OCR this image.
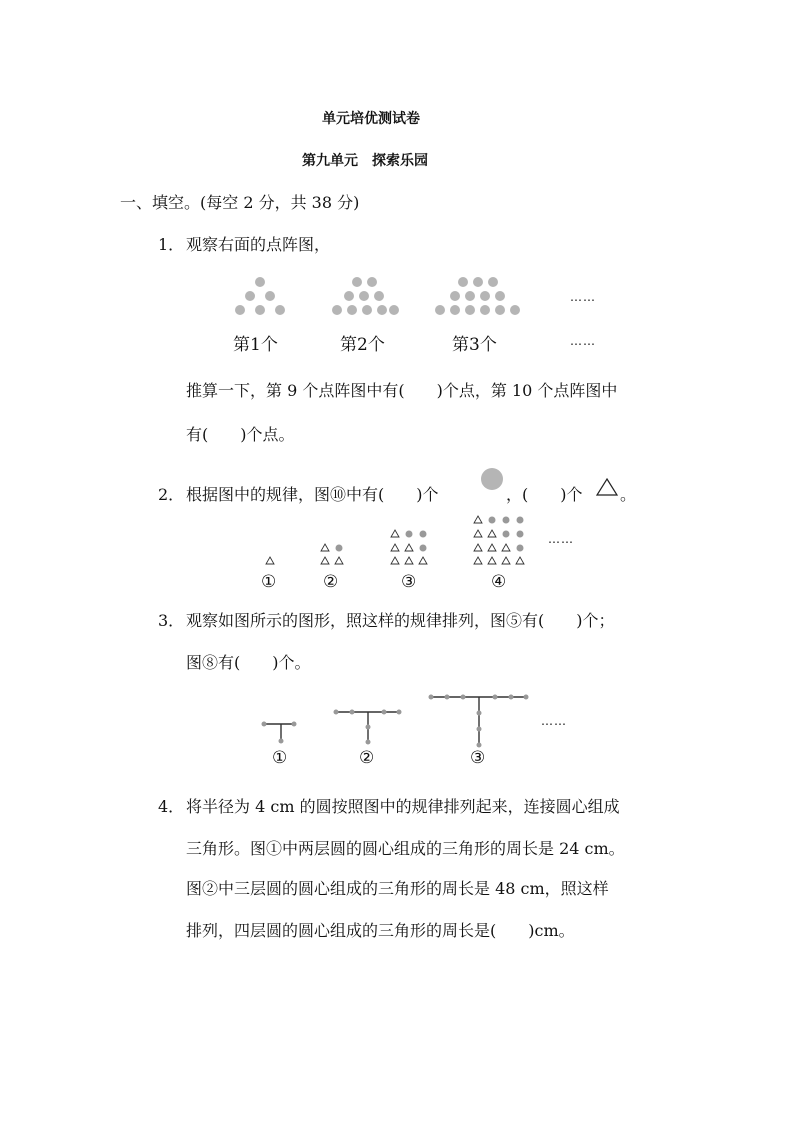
单元培优测试卷
第九单元　探索乐园
一、填空。(每空 2 分，共 38 分)
1． 观察右面的点阵图，
……
第1个	第2个	第3个	……
推算一下，第 9 个点阵图中有(　　)个点，第 10 个点阵图中
有(　　)个点。
2． 根据图中的规律，图⑩中有(　　)个	，(　　)个 。
……
①	②	③	④
3． 观察如图所示的图形，照这样的规律排列，图⑤有(　　)个；
图⑧有(　　)个。
……
①	②	③
4． 将半径为 4 cm 的圆按照图中的规律排列起来，连接圆心组成
三角形。图①中两层圆的圆心组成的三角形的周长是 24 cm。
图②中三层圆的圆心组成的三角形的周长是 48 cm，照这样
排列，四层圆的圆心组成的三角形的周长是(　　)cm。
